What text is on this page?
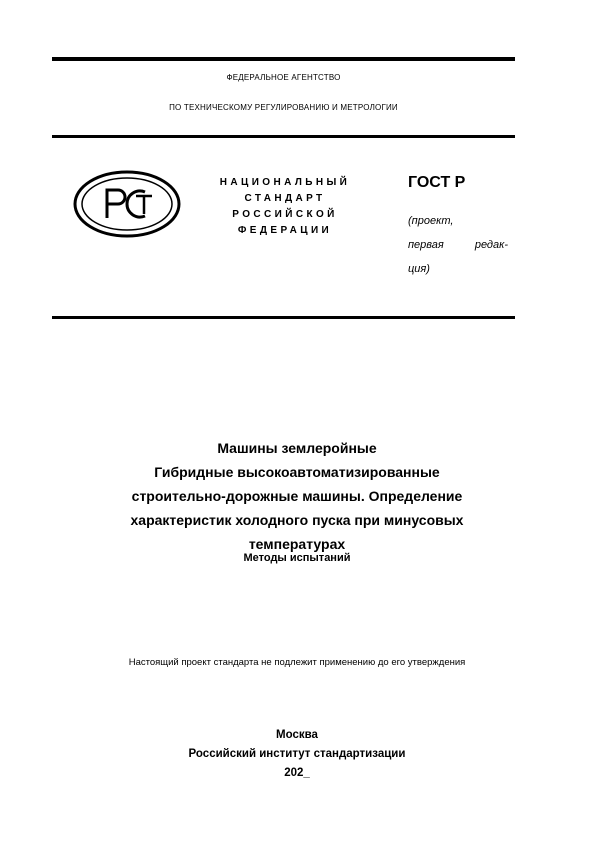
ФЕДЕРАЛЬНОЕ АГЕНТСТВО
ПО ТЕХНИЧЕСКОМУ РЕГУЛИРОВАНИЮ И МЕТРОЛОГИИ
НАЦИОНАЛЬНЫЙ
СТАНДАРТ
РОССИЙСКОЙ
ФЕДЕРАЦИИ
ГОСТ Р
(проект,
первая редак-
ция)
Машины землеройные
Гибридные высокоавтоматизированные
строительно-дорожные машины. Определение
характеристик холодного пуска при минусовых
температурах
Методы испытаний
Настоящий проект стандарта не подлежит применению до его утверждения
Москва
Российский институт стандартизации
202_
